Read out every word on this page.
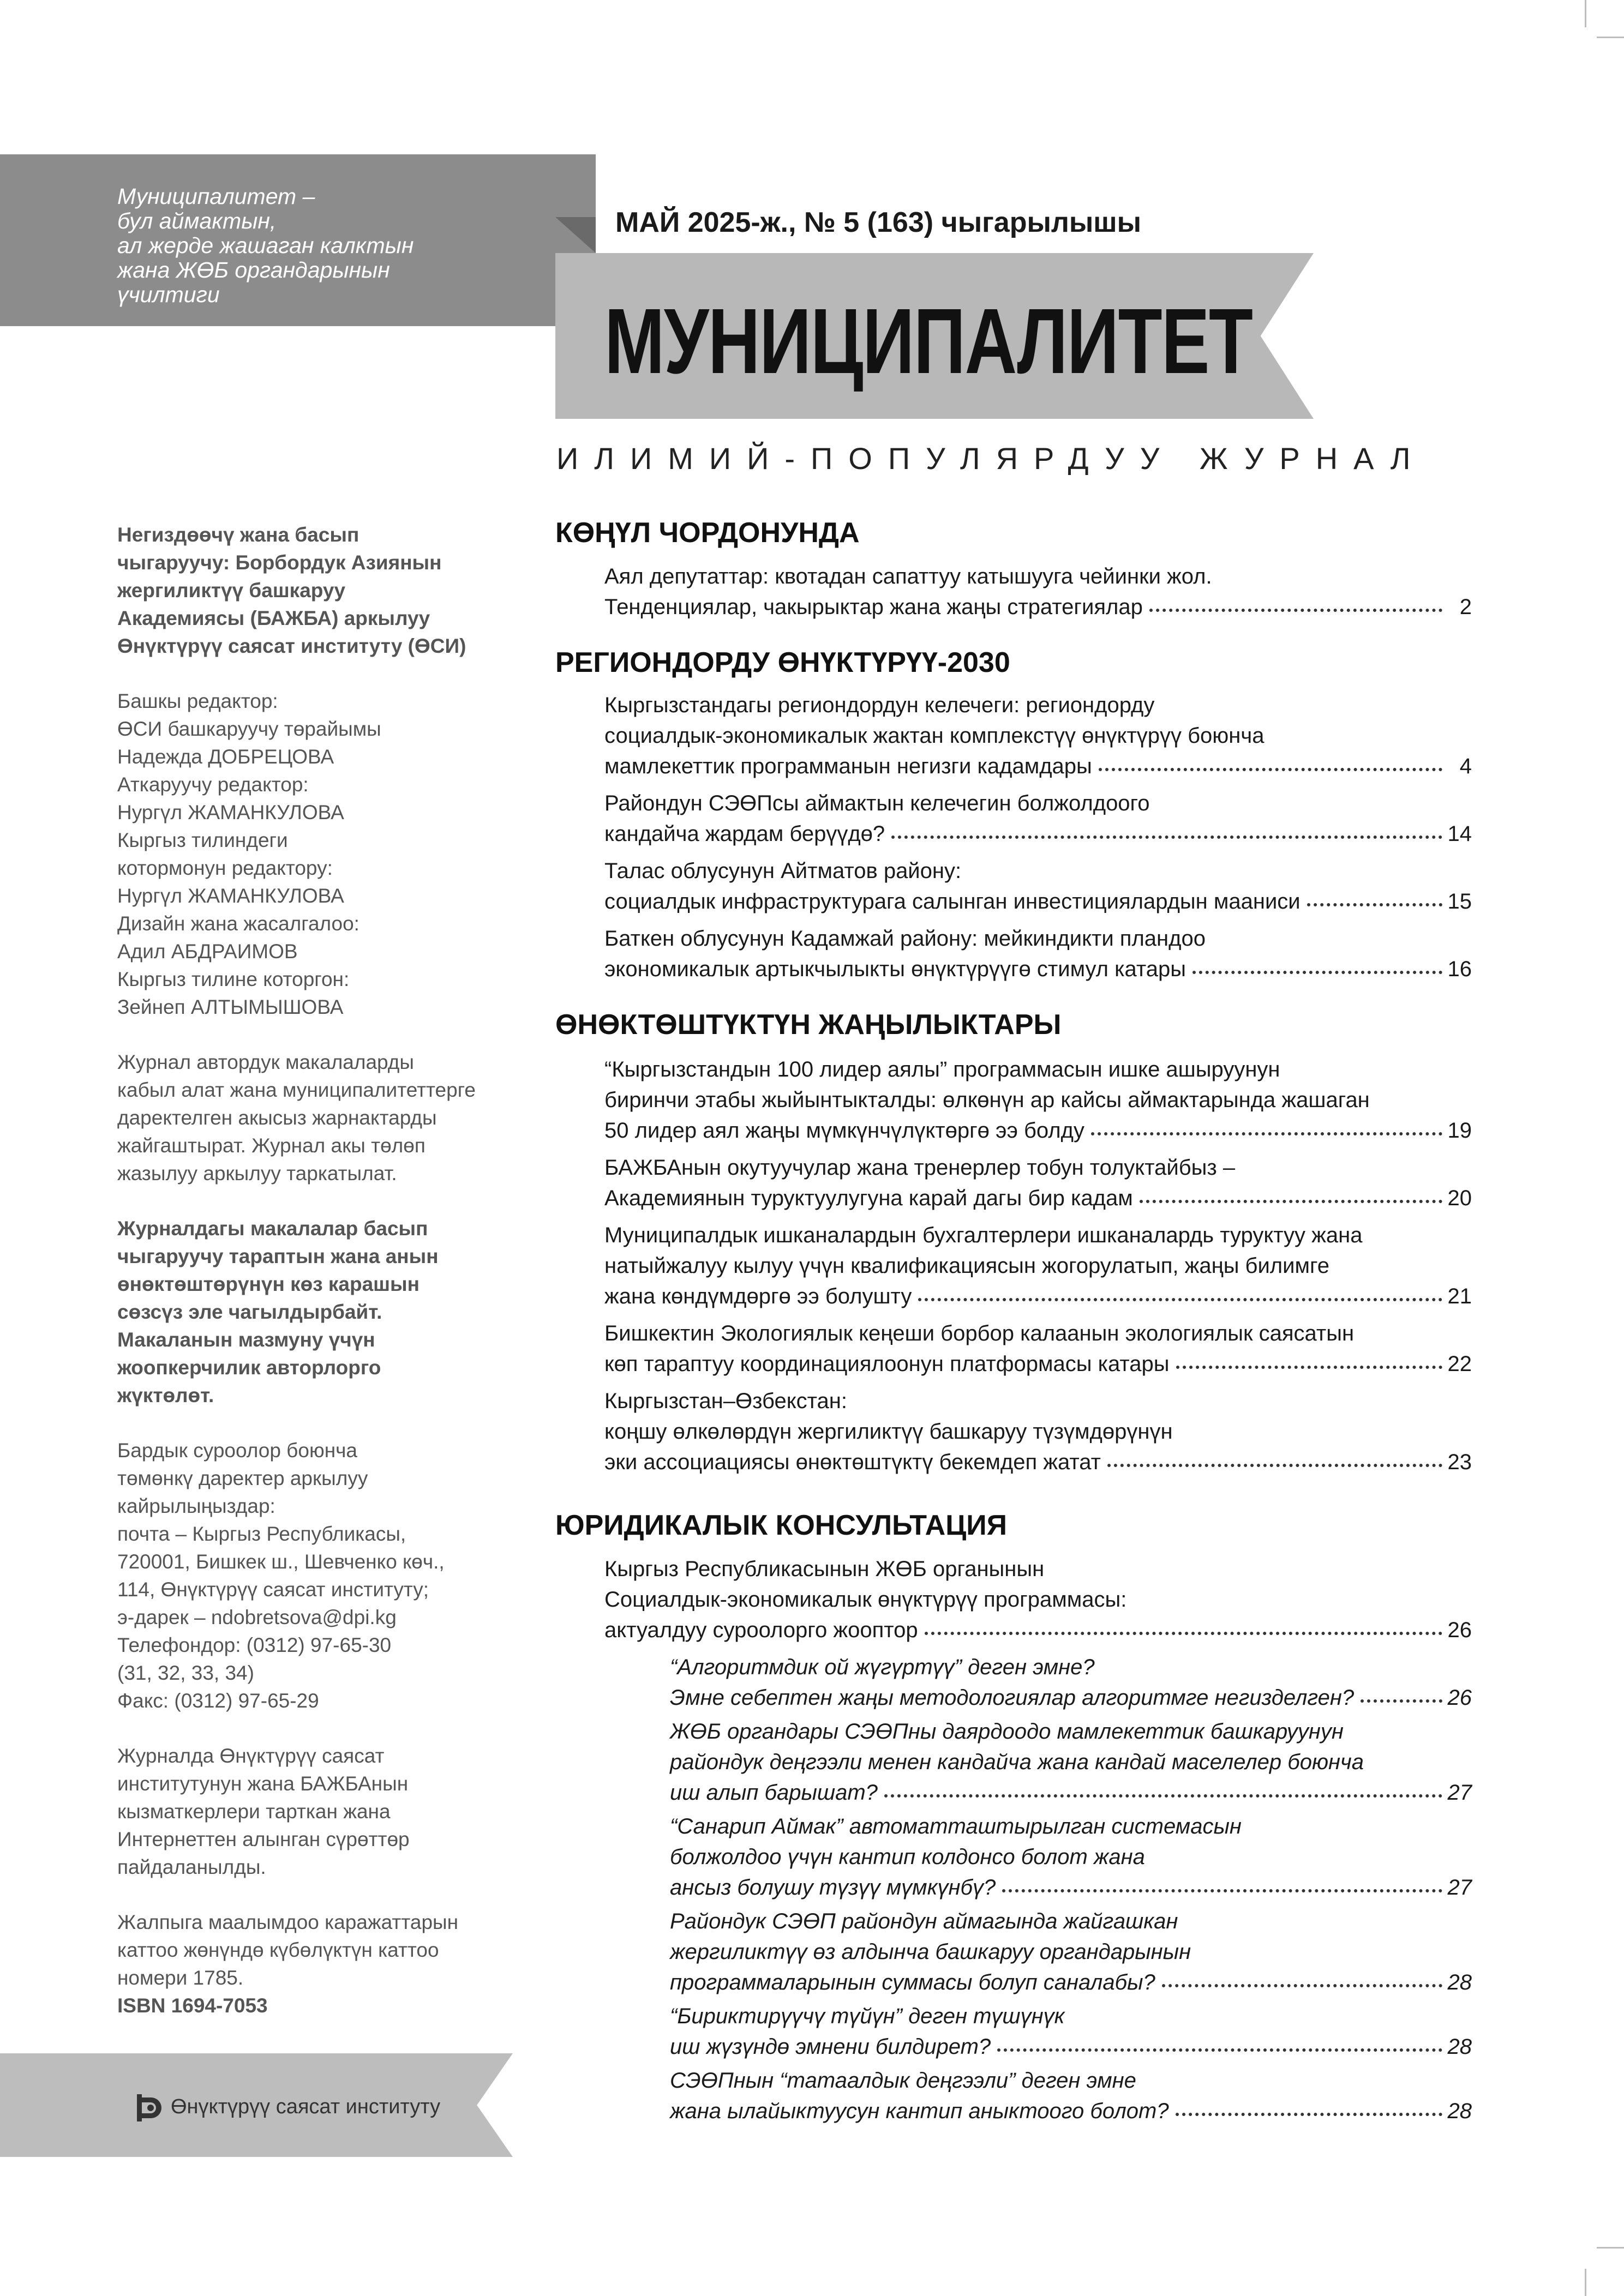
Муниципалитет –
бул аймактын,
ал жерде жашаган калктын
жана ЖӨБ органдарынын
үчилтиги
МАЙ 2025-ж., № 5 (163) чыгарылышы
МУНИЦИПАЛИТЕТ
ИЛИМИЙ-ПОПУЛЯРДУУ ЖУРНАЛ
Негиздөөчү жана басып
чыгаруучу: Борбордук Азиянын
жергиликтүү башкаруу
Академиясы (БАЖБА) аркылуу
Өнүктүрүү саясат институту (ӨСИ)
Башкы редактор:
ӨСИ башкаруучу төрайымы
Надежда ДОБРЕЦОВА
Аткаруучу редактор:
Нургүл ЖАМАНКУЛОВА
Кыргыз тилиндеги
котормонун редактору:
Нургүл ЖАМАНКУЛОВА
Дизайн жана жасалгалоо:
Адил АБДРАИМОВ
Кыргыз тилине которгон:
Зейнеп АЛТЫМЫШОВА
Журнал автордук макалаларды
кабыл алат жана муниципалитеттерге
даректелген акысыз жарнактарды
жайгаштырат. Журнал акы төлөп
жазылуу аркылуу таркатылат.
Журналдагы макалалар басып
чыгаруучу тараптын жана анын
өнөктөштөрүнүн көз карашын
сөзсүз эле чагылдырбайт.
Макаланын мазмуну үчүн
жоопкерчилик авторлорго
жүктөлөт.
Бардык суроолор боюнча
төмөнкү даректер аркылуу
кайрылыңыздар:
почта – Кыргыз Республикасы,
720001, Бишкек ш., Шевченко көч.,
114, Өнүктүрүү саясат институту;
э-дарек – ndobretsova@dpi.kg
Телефондор: (0312) 97-65-30
(31, 32, 33, 34)
Факс: (0312) 97-65-29
Журналда Өнүктүрүү саясат
институтунун жана БАЖБАнын
кызматкерлери тарткан жана
Интернеттен алынган сүрөттөр
пайдаланылды.
Жалпыга маалымдоо каражаттарын
каттоо жөнүндө күбөлүктүн каттоо
номери 1785.
ISBN 1694-7053
Өнүктүрүү саясат институту
КӨҢҮЛ ЧОРДОНУНДА
Аял депутаттар: квотадан сапаттуу катышууга чейинки жол.
Тенденциялар, чакырыктар жана жаңы стратегиялар	2
РЕГИОНДОРДУ ӨНҮКТҮРҮҮ-2030
Кыргызстандагы региондордун келечеги: региондорду
социалдык-экономикалык жактан комплекстүү өнүктүрүү боюнча
мамлекеттик программанын негизги кадамдары	4
Райондун СЭӨПсы аймактын келечегин болжолдоого
кандайча жардам берүүдө?	14
Талас облусунун Айтматов району:
социалдык инфраструктурага салынган инвестициялардын мааниси	15
Баткен облусунун Кадамжай району: мейкиндикти пландоо
экономикалык артыкчылыкты өнүктүрүүгө стимул катары	16
ӨНӨКТӨШТҮКТҮН ЖАҢЫЛЫКТАРЫ
“Кыргызстандын 100 лидер аялы” программасын ишке ашыруунун
биринчи этабы жыйынтыкталды: өлкөнүн ар кайсы аймактарында жашаган
50 лидер аял жаңы мүмкүнчүлүктөргө ээ болду	19
БАЖБАнын окутуучулар жана тренерлер тобун толуктайбыз –
Академиянын туруктуулугуна карай дагы бир кадам	20
Муниципалдык ишканалардын бухгалтерлери ишканалардь туруктуу жана
натыйжалуу кылуу үчүн квалификациясын жогорулатып, жаңы билимге
жана көндүмдөргө ээ болушту	21
Бишкектин Экологиялык кеңеши борбор калаанын экологиялык саясатын
көп тараптуу координациялоонун платформасы катары	22
Кыргызстан–Өзбекстан:
коңшу өлкөлөрдүн жергиликтүү башкаруу түзүмдөрүнүн
эки ассоциациясы өнөктөштүктү бекемдеп жатат	23
ЮРИДИКАЛЫК КОНСУЛЬТАЦИЯ
Кыргыз Республикасынын ЖӨБ органынын
Социалдык-экономикалык өнүктүрүү программасы:
актуалдуу суроолорго жооптор	26
“Алгоритмдик ой жүгүртүү” деген эмне?
Эмне себептен жаңы методологиялар алгоритмге негизделген?	26
ЖӨБ органдары СЭӨПны даярдоодо мамлекеттик башкаруунун
райондук деңгээли менен кандайча жана кандай маселелер боюнча
иш алып барышат?	27
“Санарип Аймак” автоматташтырылган системасын
болжолдоо үчүн кантип колдонсо болот жана
ансыз болушу түзүү мүмкүнбү?	27
Райондук СЭӨП райондун аймагында жайгашкан
жергиликтүү өз алдынча башкаруу органдарынын
программаларынын суммасы болуп саналабы?	28
“Бириктирүүчү түйүн” деген түшүнүк
иш жүзүндө эмнени билдирет?	28
СЭӨПнын “татаалдык деңгээли” деген эмне
жана ылайыктуусун кантип аныктоого болот?	28
